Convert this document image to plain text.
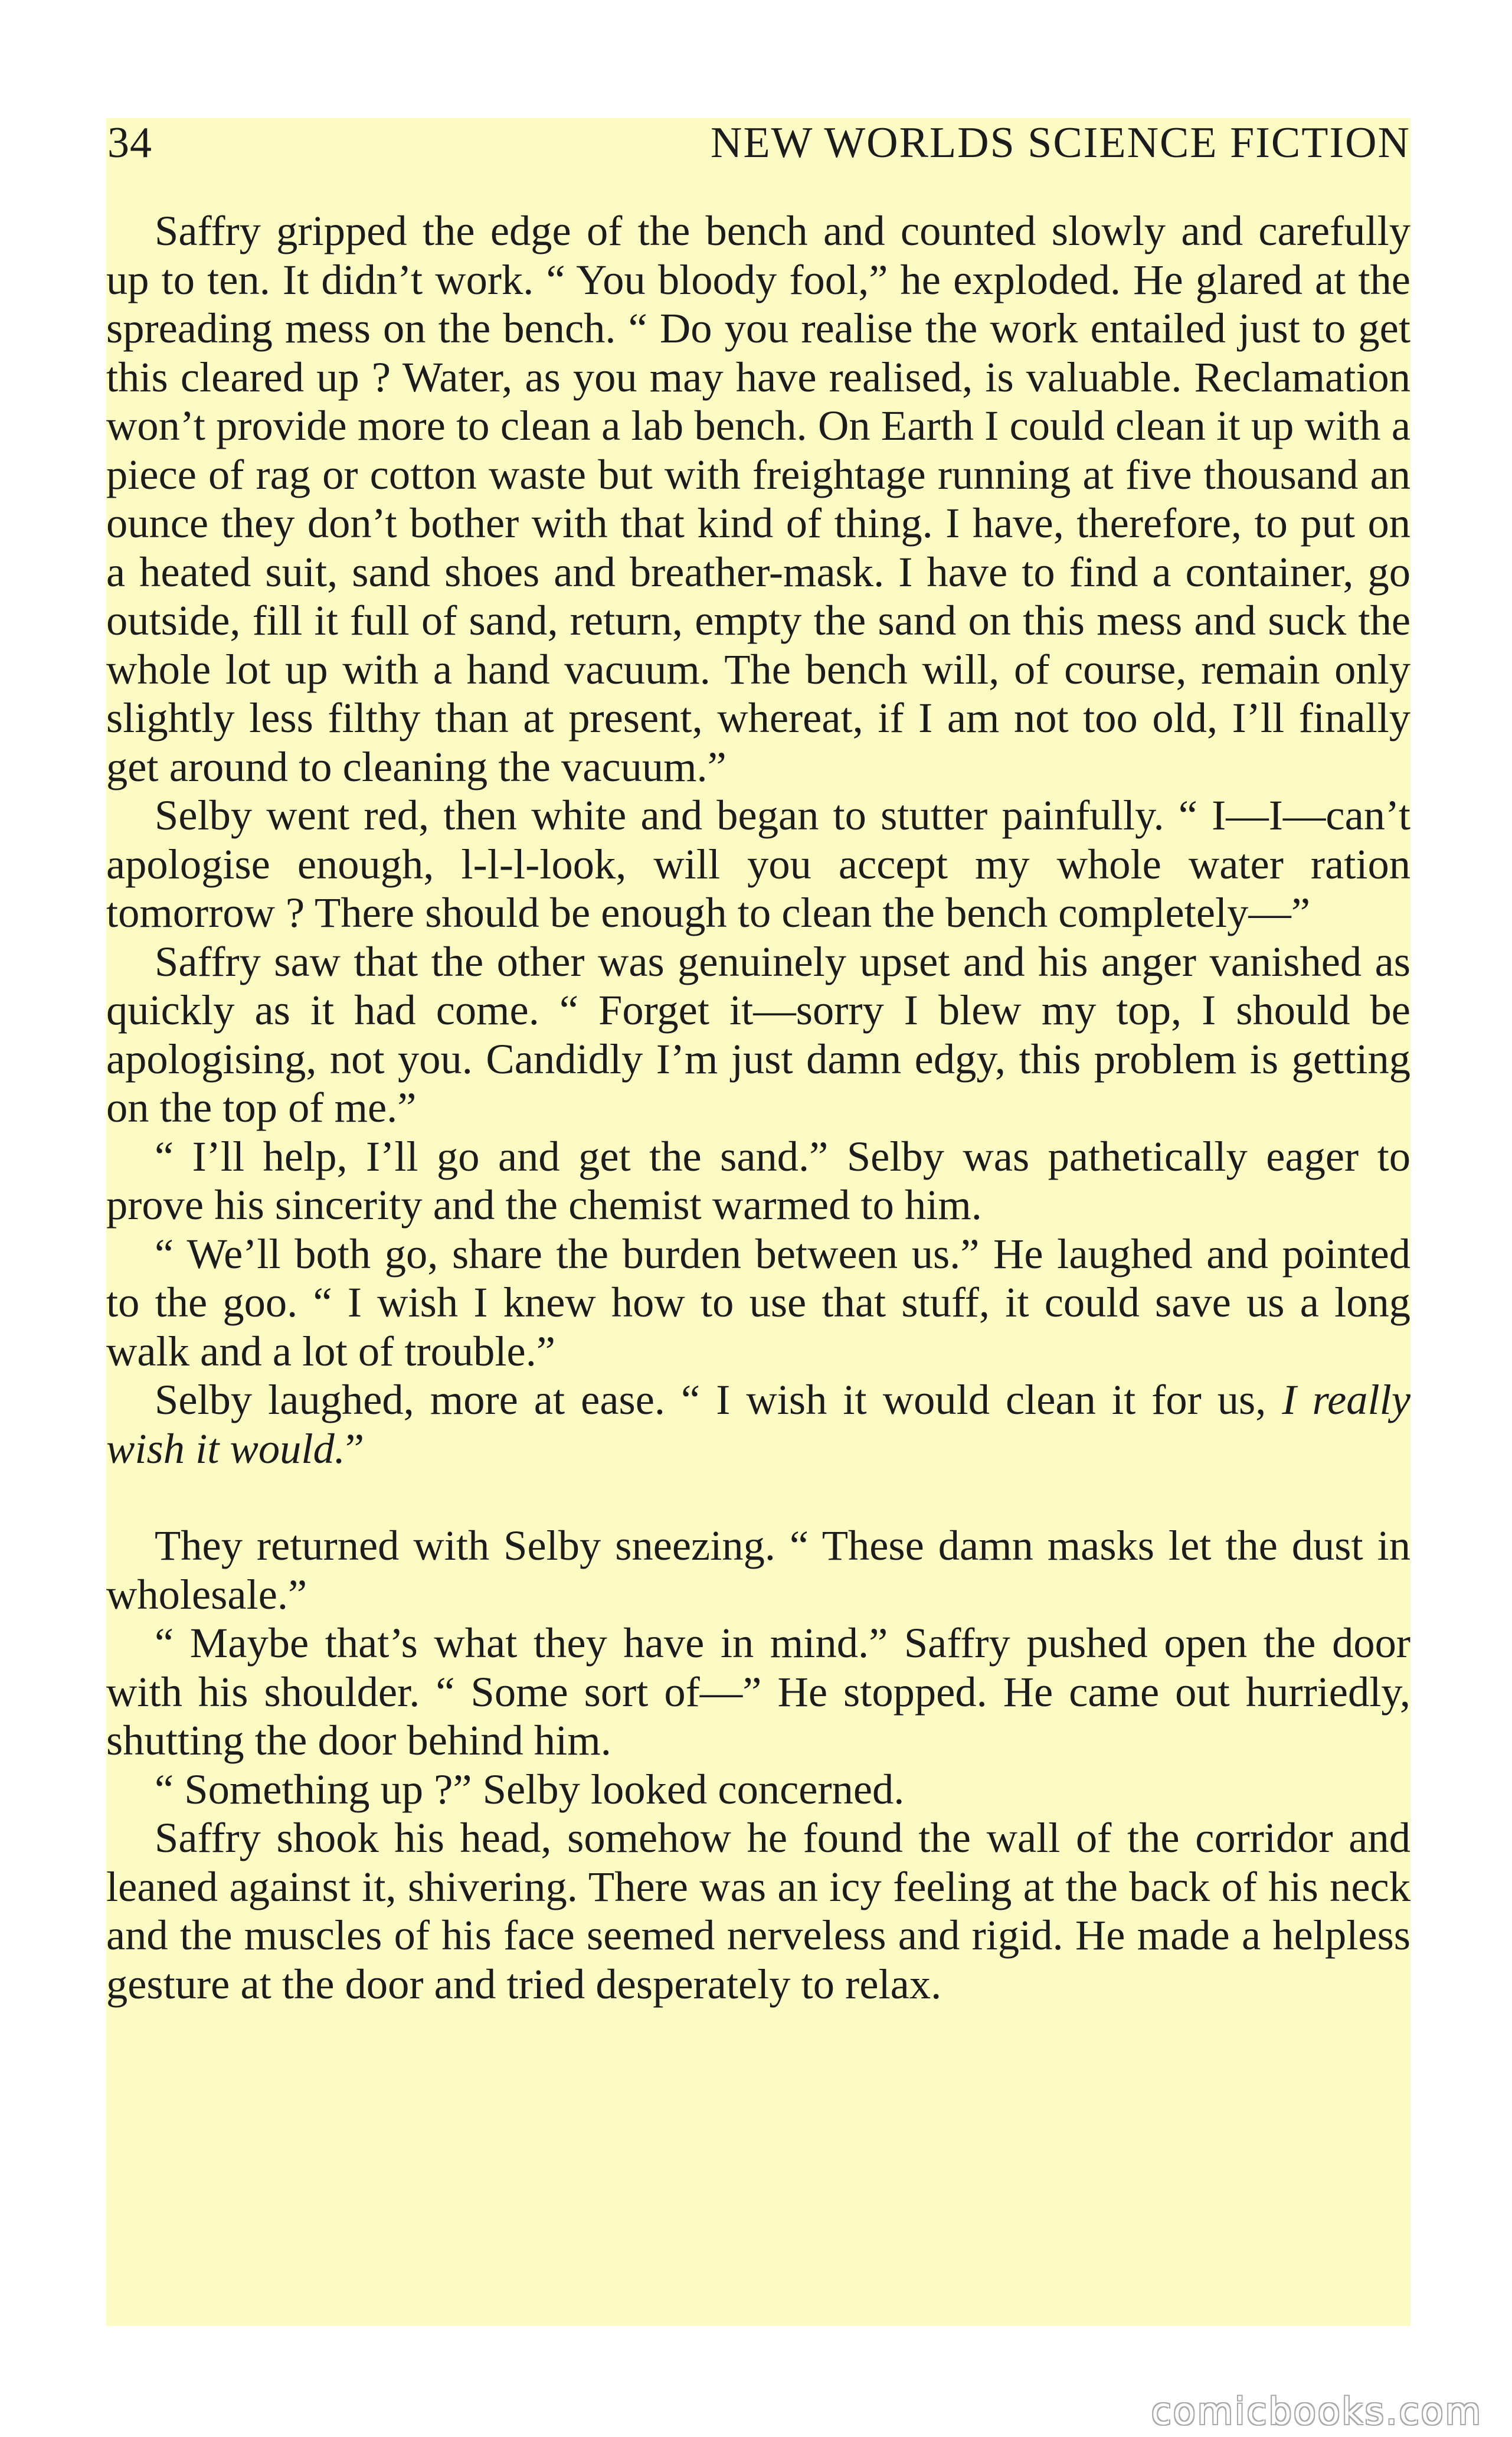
34	NEW WORLDS SCIENCE FICTION

Saffry gripped the edge of the bench and counted slowly and carefully up to ten. It didn’t work. “ You bloody fool,” he exploded. He glared at the spreading mess on the bench. “ Do you realise the work entailed just to get this cleared up ? Water, as you may have realised, is valuable. Reclamation won’t provide more to clean a lab bench. On Earth I could clean it up with a piece of rag or cotton waste but with freightage running at five thousand an ounce they don’t bother with that kind of thing. I have, therefore, to put on a heated suit, sand shoes and breather-mask. I have to find a container, go outside, fill it full of sand, return, empty the sand on this mess and suck the whole lot up with a hand vacuum. The bench will, of course, remain only slightly less filthy than at present, whereat, if I am not too old, I’ll finally get around to cleaning the vacuum.”

Selby went red, then white and began to stutter painfully. “ I—I—can’t apologise enough, l-l-l-look, will you accept my whole water ration tomorrow ? There should be enough to clean the bench completely—”

Saffry saw that the other was genuinely upset and his anger vanished as quickly as it had come. “ Forget it—sorry I blew my top, I should be apologising, not you. Candidly I’m just damn edgy, this problem is getting on the top of me.”

“ I’ll help, I’ll go and get the sand.” Selby was pathetically eager to prove his sincerity and the chemist warmed to him.

“ We’ll both go, share the burden between us.” He laughed and pointed to the goo. “ I wish I knew how to use that stuff, it could save us a long walk and a lot of trouble.”

Selby laughed, more at ease. “ I wish it would clean it for us, I really wish it would.”

They returned with Selby sneezing. “ These damn masks let the dust in wholesale.”

“ Maybe that’s what they have in mind.” Saffry pushed open the door with his shoulder. “ Some sort of—” He stopped. He came out hurriedly, shutting the door behind him.

“ Something up ?” Selby looked concerned.

Saffry shook his head, somehow he found the wall of the corridor and leaned against it, shivering. There was an icy feeling at the back of his neck and the muscles of his face seemed nerveless and rigid. He made a helpless gesture at the door and tried desperately to relax.

comicbooks.com
